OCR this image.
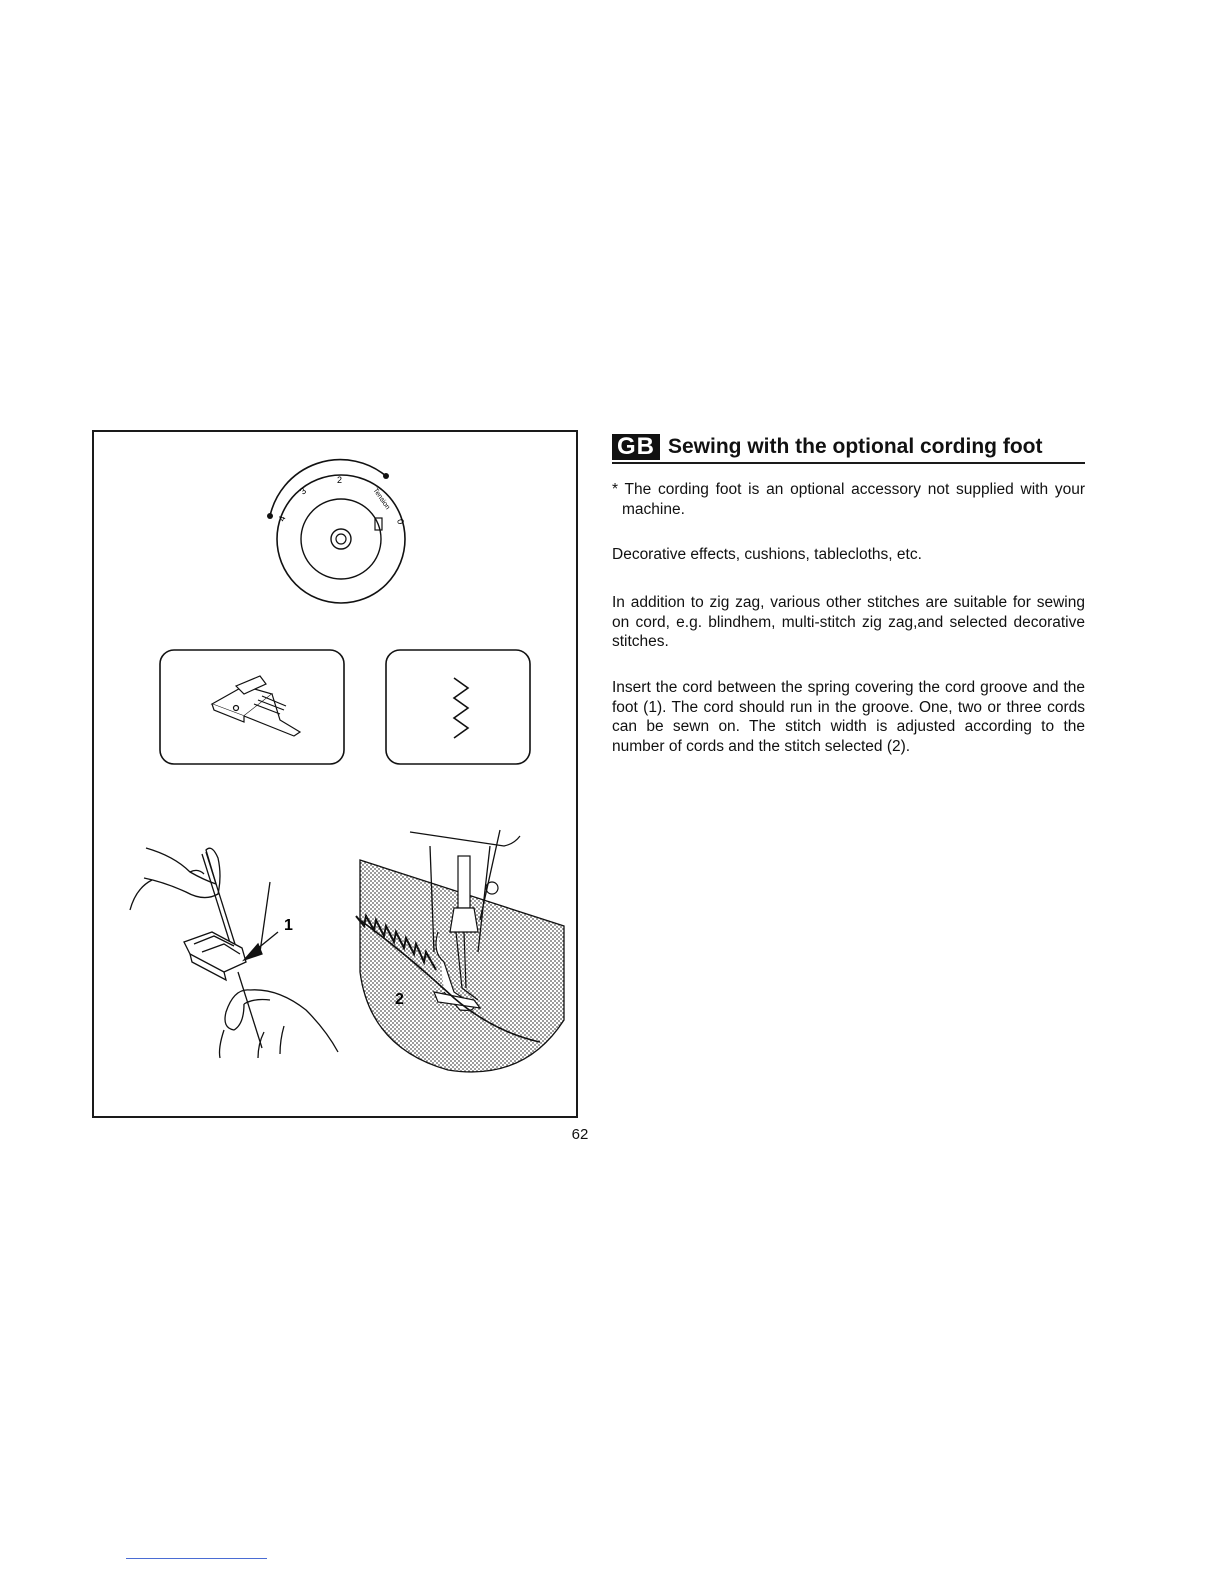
4
3
2
Tension
0
1
2
62
GB Sewing with the optional cording foot

* The cording foot is an optional accessory not supplied with your machine.

Decorative effects, cushions, tablecloths, etc.

In addition to zig zag, various other stitches are suitable for sewing on cord, e.g. blindhem, multi-stitch zig zag,and selected decorative stitches.

Insert the cord between the spring covering the cord groove and the foot (1). The cord should run in the groove. One, two or three cords can be sewn on. The stitch width is adjusted according to the number of cords and the stitch selected (2).
